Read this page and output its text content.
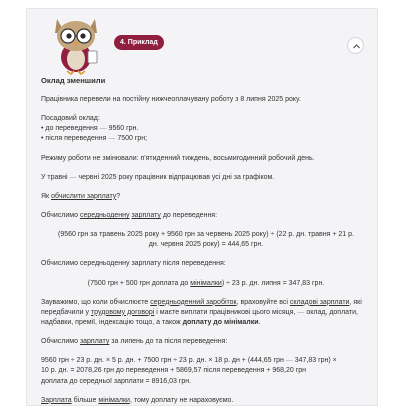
4. Приклад
Оклад зменшили

Працівника перевели на постійну нижчеоплачувану роботу з 8 липня 2025 року.

Посадовий оклад:

• до переведення — 9560 грн.
• після переведення — 7500 грн;

Режиму роботи не змінювали: п'ятиденний тиждень, восьмигодинний робочий день.

У травні — червні 2025 року працівник відпрацював усі дні за графіком.

Як обчислити зарплату?

Обчислимо середньоденну зарплату до переведення:

(9560 грн за травень 2025 року + 9560 грн за червень 2025 року) ÷ (22 р. дн. травня + 21 р.
дн. червня 2025 року) = 444,65 грн.

Обчислимо середньоденну зарплату після переведення:

(7500 грн + 500 грн доплата до мінімалки) ÷ 23 р. дн. липня = 347,83 грн.

Зауважимо, що коли обчислюєте середньоденний заробіток, враховуйте всі складові зарплати, які передбачили у трудовому договорі і маєте виплати працівникові цього місяця, — оклад, доплати, надбавки, премії, індексацію тощо, а також доплату до мінімалки.

Обчислимо зарплату за липень до та після переведення:

9560 грн ÷ 23 р. дн. × 5 р. дн. + 7500 грн ÷ 23 р. дн. × 18 р. дн + (444,65 грн — 347,83 грн) ×
10 р. дн. = 2078,26 грн до переведення + 5869,57 після переведення + 968,20 грн
доплата до середньої зарплати = 8916,03 грн.

Зарплата більше мінімалки, тому доплату не нараховуємо.
